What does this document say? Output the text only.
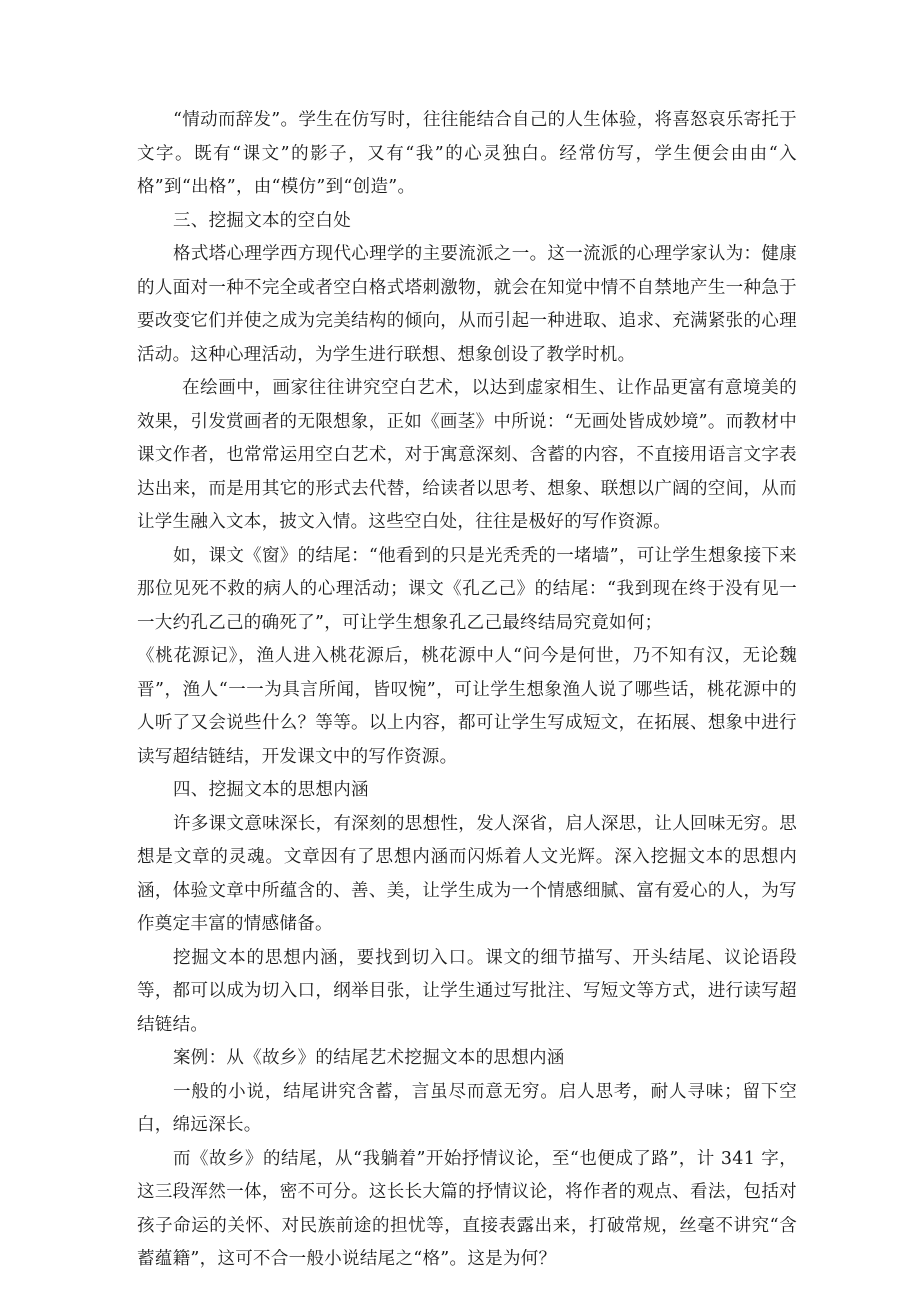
“情动而辞发”。学生在仿写时，往往能结合自己的人生体验，将喜怒哀乐寄托于文字。既有“课文”的影子，又有“我”的心灵独白。经常仿写，学生便会由由“入格”到“出格”，由“模仿”到“创造”。

三、挖掘文本的空白处

格式塔心理学西方现代心理学的主要流派之一。这一流派的心理学家认为：健康的人面对一种不完全或者空白格式塔刺激物，就会在知觉中情不自禁地产生一种急于要改变它们并使之成为完美结构的倾向，从而引起一种进取、追求、充满紧张的心理活动。这种心理活动，为学生进行联想、想象创设了教学时机。

在绘画中，画家往往讲究空白艺术，以达到虚家相生、让作品更富有意境美的效果，引发赏画者的无限想象，正如《画茎》中所说：“无画处皆成妙境”。而教材中课文作者，也常常运用空白艺术，对于寓意深刻、含蓄的内容，不直接用语言文字表达出来，而是用其它的形式去代替，给读者以思考、想象、联想以广阔的空间，从而让学生融入文本，披文入情。这些空白处，往往是极好的写作资源。

如，课文《窗》的结尾：“他看到的只是光秃秃的一堵墙”，可让学生想象接下来那位见死不救的病人的心理活动；课文《孔乙己》的结尾：“我到现在终于没有见一一大约孔乙己的确死了”，可让学生想象孔乙己最终结局究竟如何；

《桃花源记》，渔人进入桃花源后，桃花源中人“问今是何世，乃不知有汉，无论魏晋”，渔人“一一为具言所闻，皆叹惋”，可让学生想象渔人说了哪些话，桃花源中的人听了又会说些什么？等等。以上内容，都可让学生写成短文，在拓展、想象中进行读写超结链结，开发课文中的写作资源。

四、挖掘文本的思想内涵

许多课文意味深长，有深刻的思想性，发人深省，启人深思，让人回味无穷。思想是文章的灵魂。文章因有了思想内涵而闪烁着人文光辉。深入挖掘文本的思想内涵，体验文章中所蕴含的、善、美，让学生成为一个情感细腻、富有爱心的人，为写作奠定丰富的情感储备。

挖掘文本的思想内涵，要找到切入口。课文的细节描写、开头结尾、议论语段等，都可以成为切入口，纲举目张，让学生通过写批注、写短文等方式，进行读写超结链结。

案例：从《故乡》的结尾艺术挖掘文本的思想内涵

一般的小说，结尾讲究含蓄，言虽尽而意无穷。启人思考，耐人寻味；留下空白，绵远深长。

而《故乡》的结尾，从“我躺着”开始抒情议论，至“也便成了路”，计 341 字，这三段浑然一体，密不可分。这长长大篇的抒情议论，将作者的观点、看法，包括对孩子命运的关怀、对民族前途的担忧等，直接表露出来，打破常规，丝毫不讲究“含蓄蕴籍”，这可不合一般小说结尾之“格”。这是为何？
